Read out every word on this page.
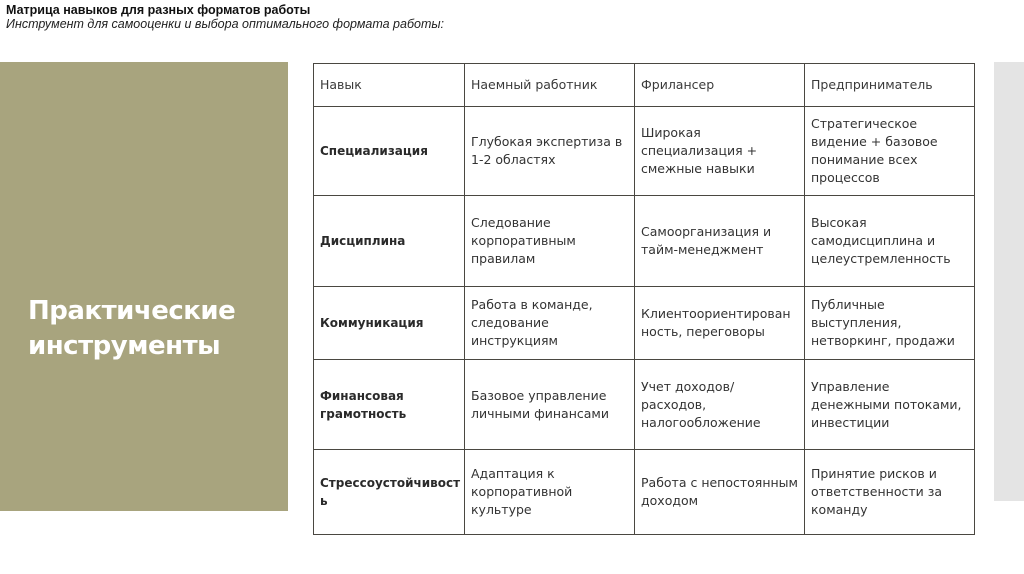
Матрица навыков для разных форматов работы
Инструмент для самооценки и выбора оптимального формата работы:
Практические инструменты
Навык	Наемный работник	Фрилансер	Предприниматель
Специализация	Глубокая экспертиза в 1-2 областях	Широкая специализация + смежные навыки	Стратегическое видение + базовое понимание всех процессов
Дисциплина	Следование корпоративным правилам	Самоорганизация и тайм-менеджмент	Высокая самодисциплина и целеустремленность
Коммуникация	Работа в команде, следование инструкциям	Клиентоориентирован ность, переговоры	Публичные выступления, нетворкинг, продажи
Финансовая грамотность	Базовое управление личными финансами	Учет доходов/расходов, налогообложение	Управление денежными потоками, инвестиции
Стрессоустойчивост ь	Адаптация к корпоративной культуре	Работа с непостоянным доходом	Принятие рисков и ответственности за команду
